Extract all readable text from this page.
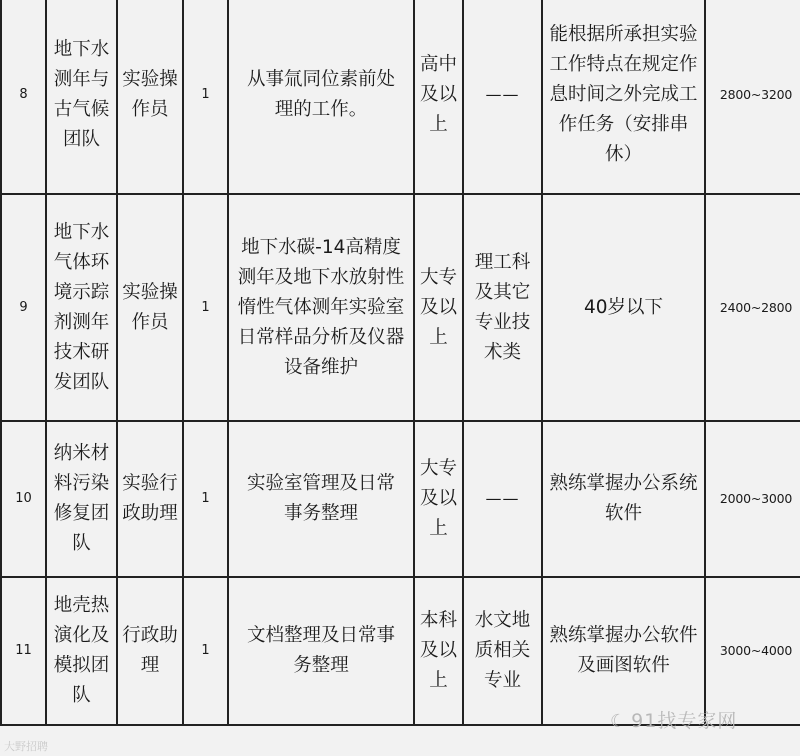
8	地下水测年与古气候团队	实验操作员	1	从事氚同位素前处理的工作。	高中及以上	——	能根据所承担实验工作特点在规定作息时间之外完成工作任务（安排串休）	2800~3200
9	地下水气体环境示踪剂测年技术研发团队	实验操作员	1	地下水碳-14高精度测年及地下水放射性惰性气体测年实验室日常样品分析及仪器设备维护	大专及以上	理工科及其它专业技术类	40岁以下	2400~2800
10	纳米材料污染修复团队	实验行政助理	1	实验室管理及日常事务整理	大专及以上	——	熟练掌握办公系统软件	2000~3000
11	地壳热演化及模拟团队	行政助理	1	文档整理及日常事务整理	本科及以上	水文地质相关专业	熟练掌握办公软件及画图软件	3000~4000
☾ 91找专家网
大野招聘
